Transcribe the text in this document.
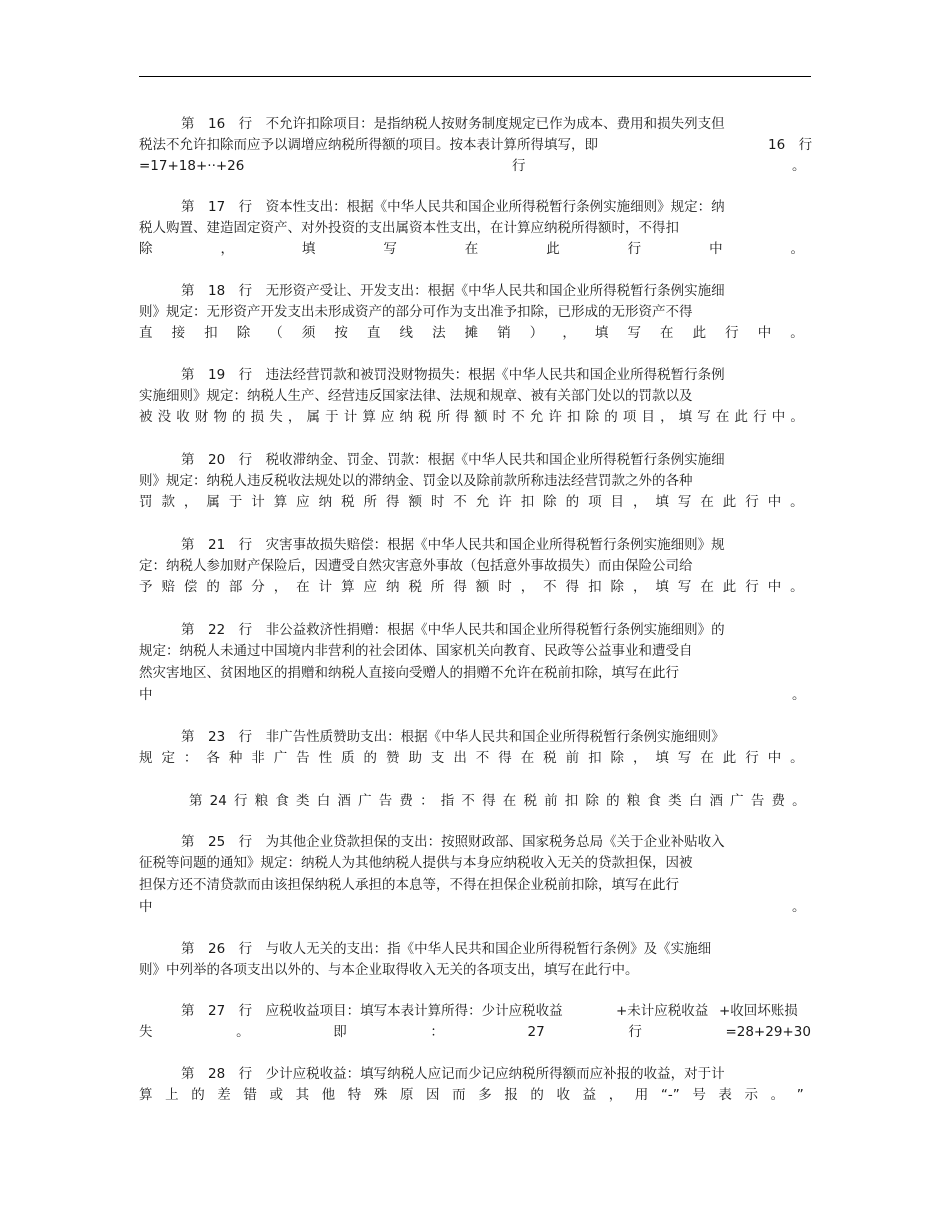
第　16　行　不允许扣除项目：是指纳税人按财务制度规定已作为成本、费用和损失列支但
税法不允许扣除而应予以调增应纳税所得额的项目。按本表计算所得填写，即	16　行
=17+18+··+26	行	。
第　17　行　资本性支出：根据《中华人民共和国企业所得税暂行条例实施细则》规定：纳
税人购置、建造固定资产、对外投资的支出属资本性支出，在计算应纳税所得额时，不得扣
除	，	填	写	在	此	行	中	。
第　18　行　无形资产受让、开发支出：根据《中华人民共和国企业所得税暂行条例实施细
则》规定：无形资产开发支出未形成资产的部分可作为支出准予扣除，已形成的无形资产不得
直 接 扣 除 （ 须 按 直 线 法 摊 销 ） ， 填 写 在 此 行 中 。
第　19　行　违法经营罚款和被罚没财物损失：根据《中华人民共和国企业所得税暂行条例
实施细则》规定：纳税人生产、经营违反国家法律、法规和规章、被有关部门处以的罚款以及
被 没 收 财 物 的 损 失 ， 属 于 计 算 应 纳 税 所 得 额 时 不 允 许 扣 除 的 项 目 ， 填 写 在 此 行 中 。
第　20　行　税收滞纳金、罚金、罚款：根据《中华人民共和国企业所得税暂行条例实施细
则》规定：纳税人违反税收法规处以的滞纳金、罚金以及除前款所称违法经营罚款之外的各种
罚 款 ， 属 于 计 算 应 纳 税 所 得 额 时 不 允 许 扣 除 的 项 目 ， 填 写 在 此 行 中 。
第　21　行　灾害事故损失赔偿：根据《中华人民共和国企业所得税暂行条例实施细则》规
定：纳税人参加财产保险后，因遭受自然灾害意外事故（包括意外事故损失）而由保险公司给
予 赔 偿 的 部 分 ， 在 计 算 应 纳 税 所 得 额 时 ， 不 得 扣 除 ， 填 写 在 此 行 中 。
第　22　行　非公益救济性捐赠：根据《中华人民共和国企业所得税暂行条例实施细则》的
规定：纳税人未通过中国境内非营利的社会团体、国家机关向教育、民政等公益事业和遭受自
然灾害地区、贫困地区的捐赠和纳税人直接向受赠人的捐赠不允许在税前扣除，填写在此行
中	。
第　23　行　非广告性质赞助支出：根据《中华人民共和国企业所得税暂行条例实施细则》
规 定 ： 各 种 非 广 告 性 质 的 赞 助 支 出 不 得 在 税 前 扣 除 ， 填 写 在 此 行 中 。
第 24 行 粮 食 类 白 酒 广 告 费 ： 指 不 得 在 税 前 扣 除 的 粮 食 类 白 酒 广 告 费 。
第　25　行　为其他企业贷款担保的支出：按照财政部、国家税务总局《关于企业补贴收入
征税等问题的通知》规定：纳税人为其他纳税人提供与本身应纳税收入无关的贷款担保，因被
担保方还不清贷款而由该担保纳税人承担的本息等，不得在担保企业税前扣除，填写在此行
中	。
第　26　行　与收人无关的支出：指《中华人民共和国企业所得税暂行条例》及《实施细
则》中列举的各项支出以外的、与本企业取得收入无关的各项支出，填写在此行中。
第　27　行　应税收益项目：填写本表计算所得：少计应税收益	+未计应税收益 +收回坏账损
失	。	即	：	27	行	=28+29+30
第　28　行　少计应税收益：填写纳税人应记而少记应纳税所得额而应补报的收益，对于计
算 上 的 差 错 或 其 他 特 殊 原 因 而 多 报 的 收 益 ， 用 “-” 号 表 示 。 ”
